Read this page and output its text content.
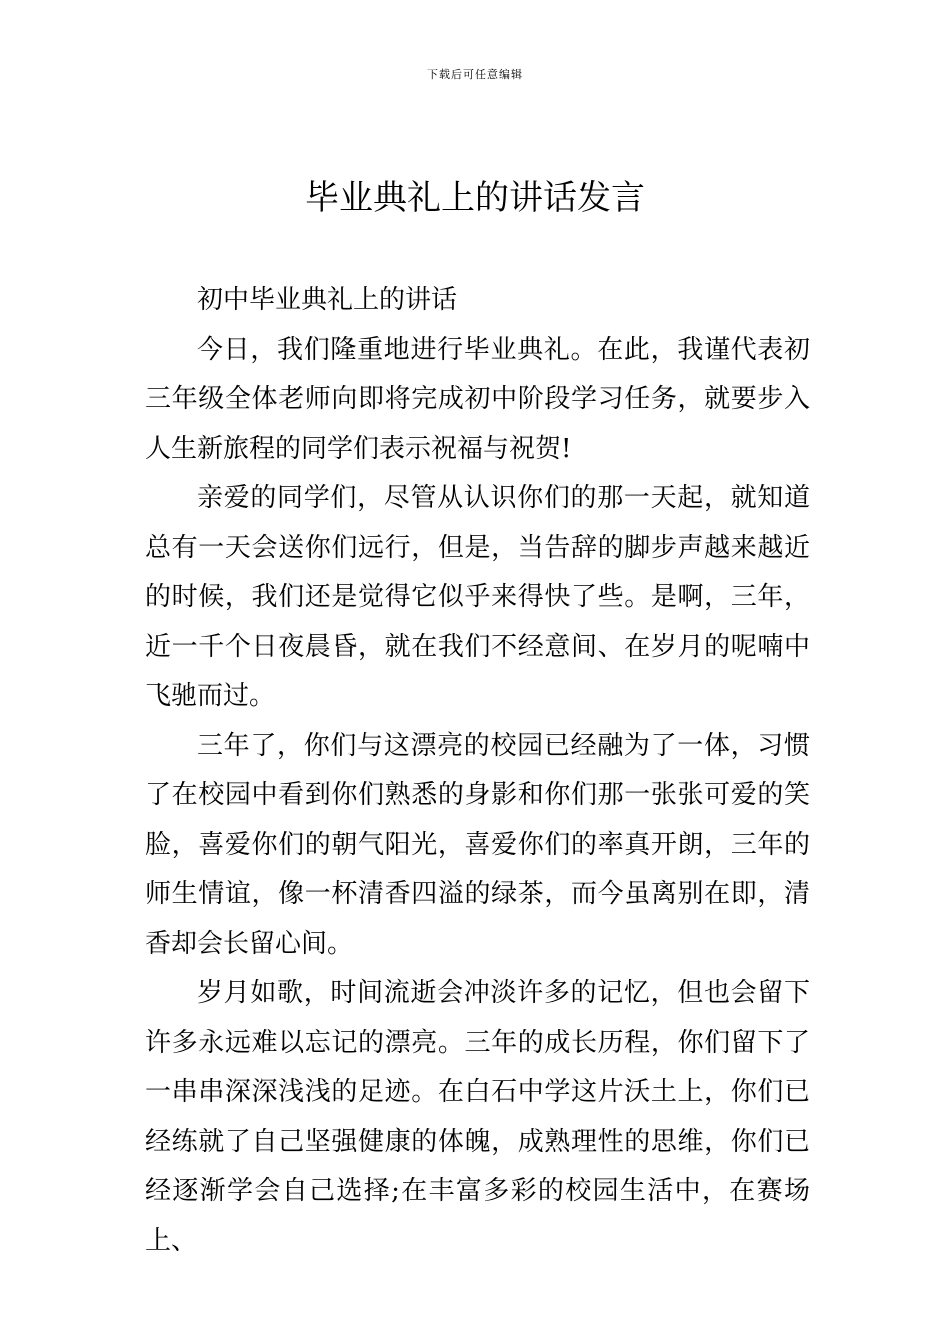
下载后可任意编辑
毕业典礼上的讲话发言

初中毕业典礼上的讲话

今日，我们隆重地进行毕业典礼。在此，我谨代表初三年级全体老师向即将完成初中阶段学习任务，就要步入人生新旅程的同学们表示祝福与祝贺!

亲爱的同学们，尽管从认识你们的那一天起，就知道总有一天会送你们远行，但是，当告辞的脚步声越来越近的时候，我们还是觉得它似乎来得快了些。是啊，三年，近一千个日夜晨昏，就在我们不经意间、在岁月的呢喃中飞驰而过。

三年了，你们与这漂亮的校园已经融为了一体，习惯了在校园中看到你们熟悉的身影和你们那一张张可爱的笑脸，喜爱你们的朝气阳光，喜爱你们的率真开朗，三年的师生情谊，像一杯清香四溢的绿茶，而今虽离别在即，清香却会长留心间。

岁月如歌，时间流逝会冲淡许多的记忆，但也会留下许多永远难以忘记的漂亮。三年的成长历程，你们留下了一串串深深浅浅的足迹。在白石中学这片沃土上，你们已经练就了自己坚强健康的体魄，成熟理性的思维，你们已经逐渐学会自己选择;在丰富多彩的校园生活中，在赛场上、
